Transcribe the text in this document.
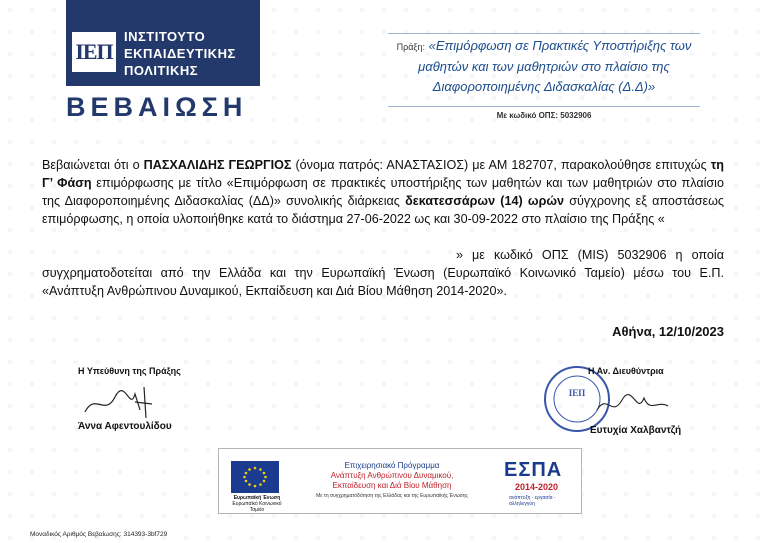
ΙΕΠ
ΙΝΣΤΙΤΟΥΤΟ
ΕΚΠΑΙΔΕΥΤΙΚΗΣ
ΠΟΛΙΤΙΚΗΣ
ΒΕΒΑΙΩΣΗ
Πράξη: «Επιμόρφωση σε Πρακτικές Υποστήριξης των
μαθητών και των μαθητριών στο πλαίσιο της
Διαφοροποιημένης Διδασκαλίας (Δ.Δ)»
Με κωδικό ΟΠΣ: 5032906

Βεβαιώνεται ότι ο ΠΑΣΧΑΛΙΔΗΣ ΓΕΩΡΓΙΟΣ (όνομα πατρός: ΑΝΑΣΤΑΣΙΟΣ) με ΑΜ 182707, παρακολούθησε επιτυχώς τη Γ’ Φάση επιμόρφωσης με τίτλο «Επιμόρφωση σε πρακτικές υποστήριξης των μαθητών και των μαθητριών στο πλαίσιο της Διαφοροποιημένης Διδασκαλίας (ΔΔ)» συνολικής διάρκειας δεκατεσσάρων (14) ωρών σύγχρονης εξ αποστάσεως επιμόρφωσης, η οποία υλοποιήθηκε κατά το διάστημα 27-06-2022 ως και 30-09-2022 στο πλαίσιο της Πράξης «

» με κωδικό ΟΠΣ (MIS) 5032906 η οποία συγχρηματοδοτείται από την Ελλάδα και την Ευρωπαϊκή Ένωση (Ευρωπαϊκό Κοινωνικό Ταμείο) μέσω του Ε.Π. «Ανάπτυξη Ανθρώπινου Δυναμικού, Εκπαίδευση και Διά Βίου Μάθηση 2014-2020».

Αθήνα, 12/10/2023
Η Υπεύθυνη της Πράξης
Άννα Αφεντουλίδου
ΙΕΠ
Η Αν. Διευθύντρια
Ευτυχία Χαλβαντζή
Ευρωπαϊκή Ένωση
Ευρωπαϊκό Κοινωνικό Ταμείο
Επιχειρησιακό Πρόγραμμα
Ανάπτυξη Ανθρώπινου Δυναμικού,
Εκπαίδευση και Διά Βίου Μάθηση
Με τη συγχρηματοδότηση της Ελλάδας και της Ευρωπαϊκής Ένωσης
ΕΣΠΑ
2014-2020
ανάπτυξη - εργασία - αλληλεγγύη
Μοναδικός Αριθμός Βεβαίωσης: 314393-3bf729
